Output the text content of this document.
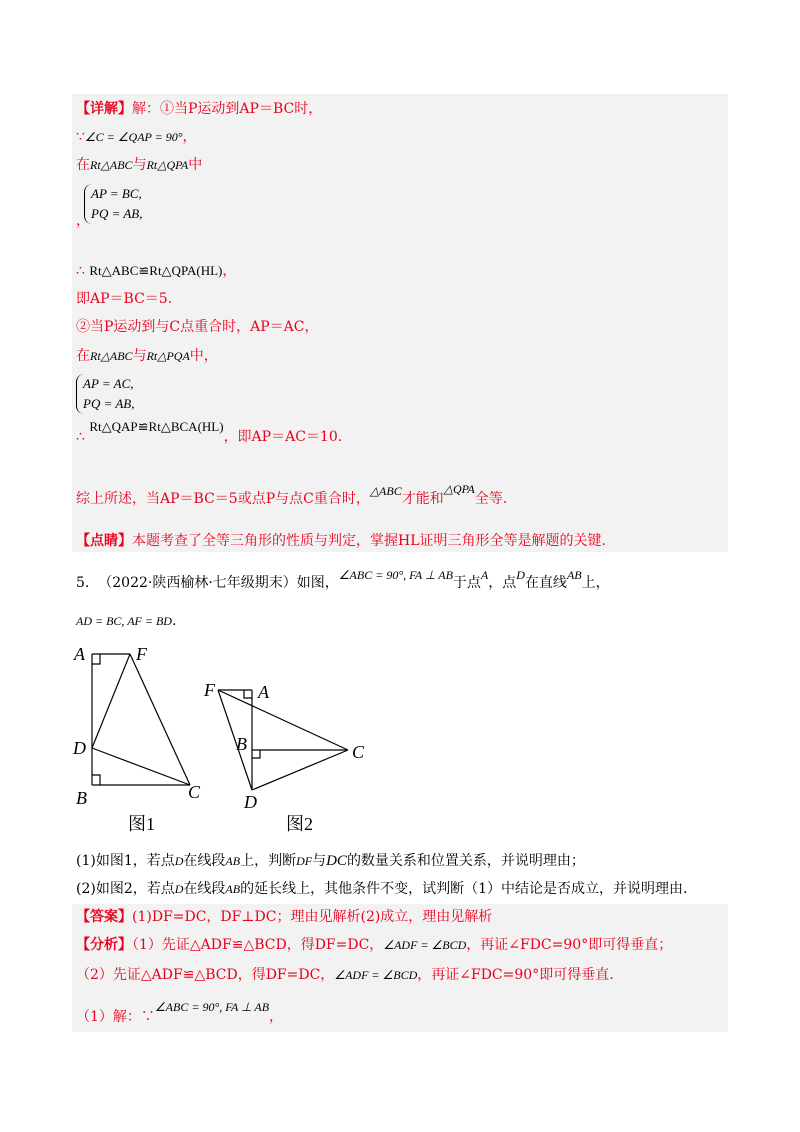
【详解】解：①当P运动到AP＝BC时，
∵∠C = ∠QAP = 90°，
在Rt△ABC与Rt△QPA中
AP = BC,
PQ = AB,
，
∴ Rt△ABC≌Rt△QPA(HL)，
即AP＝BC＝5.
②当P运动到与C点重合时，AP＝AC，
在Rt△ABC与Rt△PQA中，
AP = AC,
PQ = AB,
∴ Rt△QAP≌Rt△BCA(HL)，即AP＝AC＝10.
综上所述，当AP＝BC＝5或点P与点C重合时，△ABC才能和△QPA全等.
【点睛】本题考查了全等三角形的性质与判定，掌握HL证明三角形全等是解题的关键.
5. （2022·陕西榆林·七年级期末）如图，∠ABC = 90°, FA ⊥ AB于点A，点D在直线AB上，
AD = BC, AF = BD.
A	F
D
B	C
图1
F A
B	C
D
图2
(1)如图1，若点D在线段AB上，判断DF与DC的数量关系和位置关系，并说明理由；
(2)如图2，若点D在线段AB的延长线上，其他条件不变，试判断（1）中结论是否成立，并说明理由.
【答案】(1)DF=DC，DF⊥DC；理由见解析(2)成立，理由见解析
【分析】（1）先证△ADF≌△BCD，得DF=DC，∠ADF = ∠BCD，再证∠FDC=90°即可得垂直；
（2）先证△ADF≌△BCD，得DF=DC，∠ADF = ∠BCD，再证∠FDC=90°即可得垂直.
（1）解：∵∠ABC = 90°, FA ⊥ AB，
